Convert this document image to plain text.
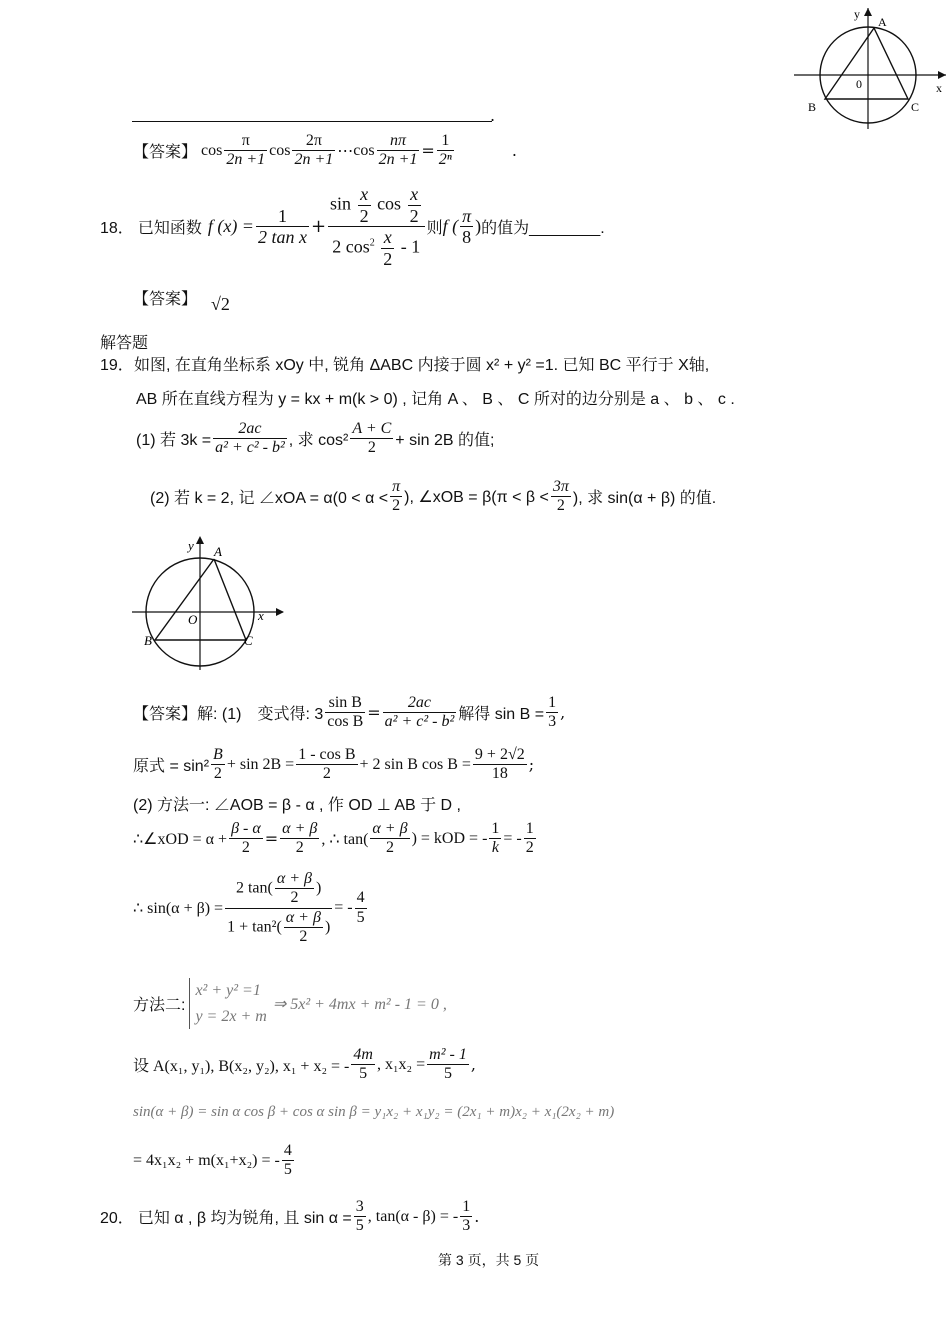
y
x
0
A
B	C
.
【答案】 $\cos \frac{\pi}{2n +1}$ $\cos \frac{2\pi}{2n +1}$ ⋯ $\cos \frac{n\pi}{2n +1} = \frac{1}{\text{2ⁿ}}$	.
18． 已知函数 f $(x) = \frac{1}{\text{2 tan x}} + \frac{\sin \frac{x}{2} \cos \frac{x}{2}}{2 \cos^2 \frac{x}{2} - 1}$ 则 f ( $\frac{\pi}{8}$ ) 的值为________.
【答案】 √2
解答题
19． 如图, 在直角坐标系 xOy 中, 锐角 ΔABC 内接于圆 x² + y² =1. 已知 BC 平行于 X轴,
AB 所在直线方程为 y = kx + m(k > 0) , 记角 A 、 B 、 C 所对的边分别是 a 、 b 、 c .
(1) 若 $3k = \frac{2ac}{\text{a² + c² - b²}}$ , 求 $\cos^2 \frac{A + C}{2} + \sin 2B$ 的值;
(2) 若 k = 2, 记 ∠xOA = $\alpha(0 < \alpha < \frac{\pi}{2}$ ), ∠xOB = $\beta(\pi < \beta < \frac{3\pi}{2}$ ), 求 sin(α + β) 的值.
y
x
O
A
B	C
【答案】 解: (1)　变式得: $3 \frac{\text{sin B}}{\text{cos B}} = \frac{2ac}{\text{a² + c² - b²}}$ 解得 $\sin B = \frac{1}{3}$ ,
原式 = $\sin^2 \frac{B}{2} + \sin 2B = \frac{\text{1 - cos B}}{2} + 2$ sin B $\cos B = \frac{9 + 2√2}{18}$ ;
(2) 方法一: ∠AOB = β - α , 作 OD ⊥ AB 于 D ,
∴∠xOD = $\alpha + \frac{\beta - \alpha}{2} = \frac{\alpha + \beta}{2}$ , ∴ $\tan( \frac{\alpha + \beta}{2}$ ) = kOD = - $\frac{1}{k}$ = - $\frac{1}{2}$
∴ $\sin(\alpha + \beta) = \frac{2 \tan( \frac{\alpha + \beta}{2} )}{1 + \tan^2( \frac{\alpha + \beta}{2} )}$ = - $\frac{4}{5}$
方法二:
x² + y² =1
y = 2x + m
⇒ 5x² + 4mx + m² - 1 = 0 ,
设 A(x₁, y₁), B(x₂, y₂), x₁ + x₂ = - $\frac{4m}{5}$ , $x_1x_2 = \frac{\text{m² - 1}}{5}$ ,
sin(α + β) = sin α cos β + cos α sin β = y₁x₂ + x₁y₂ = (2x₁ + m)x₂ + x₁(2x₂ + m)
= 4x₁x₂ + m(x₁+x₂) = - $\frac{4}{5}$
20． 已知 α , β 均为锐角, 且 $\sin \alpha = \frac{3}{5}$ , tan(α - β) = - $\frac{1}{3}$ .
第 3 页，共 5 页
